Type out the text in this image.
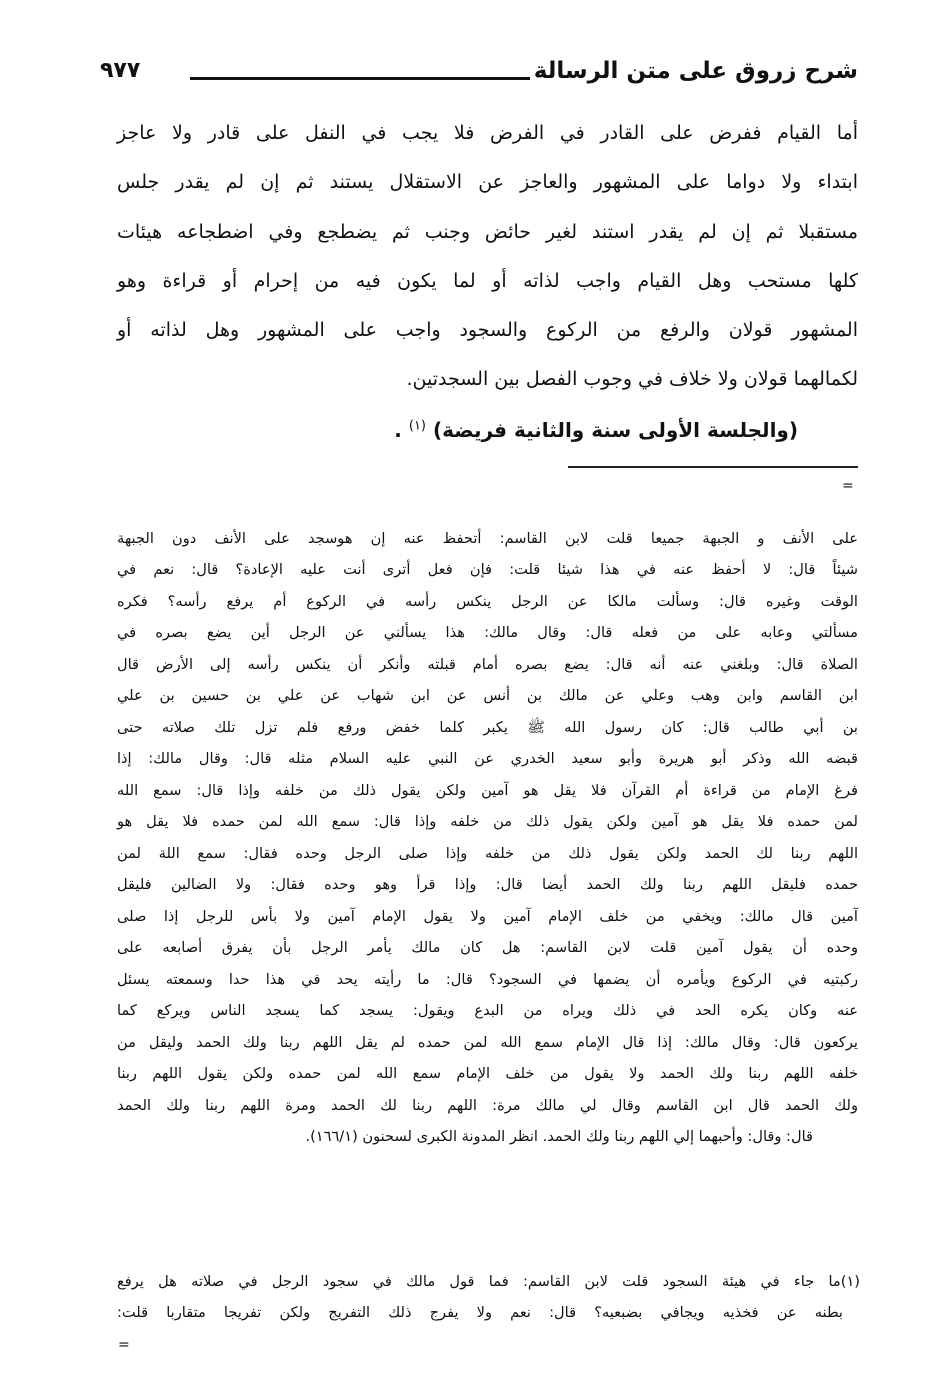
شرح زروق على متن الرسالة
٩٧٧
أما القيام ففرض على القادر في الفرض فلا يجب في النفل على قادر ولا عاجز
ابتداء ولا دواما على المشهور والعاجز عن الاستقلال يستند ثم إن لم يقدر جلس
مستقبلا ثم إن لم يقدر استند لغير حائض وجنب ثم يضطجع وفي اضطجاعه هيئات
كلها مستحب وهل القيام واجب لذاته أو لما يكون فيه من إحرام أو قراءة وهو
المشهور قولان والرفع من الركوع والسجود واجب على المشهور وهل لذاته أو
لكمالهما قولان ولا خلاف في وجوب الفصل بين السجدتين.
(والجلسة الأولى سنة والثانية فريضة) $^{(١)}$ .
=
على الأنف و الجبهة جميعا قلت لابن القاسم: أتحفظ عنه إن هوسجد على الأنف دون الجبهة
شيئاً قال: لا أحفظ عنه في هذا شيئا قلت: فإن فعل أترى أنت عليه الإعادة؟ قال: نعم في
الوقت وغيره قال: وسألت مالكا عن الرجل ينكس رأسه في الركوع أم يرفع رأسه؟ فكره
مسألتي وعابه على من فعله قال: وقال مالك: هذا يسألني عن الرجل أين يضع بصره في
الصلاة قال: وبلغني عنه أنه قال: يضع بصره أمام قبلته وأنكر أن ينكس رأسه إلى الأرض قال
ابن القاسم وابن وهب وعلي عن مالك بن أنس عن ابن شهاب عن علي بن حسين بن علي
بن أبي طالب قال: كان رسول الله ﷺ يكبر كلما خفض ورفع فلم تزل تلك صلاته حتى
قبضه الله وذكر أبو هريرة وأبو سعيد الخدري عن النبي عليه السلام مثله قال: وقال مالك: إذا
فرغ الإمام من قراءة أم القرآن فلا يقل هو آمين ولكن يقول ذلك من خلفه وإذا قال: سمع الله
لمن حمده فلا يقل هو آمين ولكن يقول ذلك من خلفه وإذا قال: سمع الله لمن حمده فلا يقل هو
اللهم ربنا لك الحمد ولكن يقول ذلك من خلفه وإذا صلى الرجل وحده فقال: سمع اللة لمن
حمده فليقل اللهم ربنا ولك الحمد أيضا قال: وإذا قرأ وهو وحده فقال: ولا الضالين فليقل
آمين قال مالك: ويخفي من خلف الإمام آمين ولا يقول الإمام آمين ولا بأس للرجل إذا صلى
وحده أن يقول آمين قلت لابن القاسم: هل كان مالك يأمر الرجل بأن يفرق أصابعه على
ركبتيه في الركوع ويأمره أن يضمها في السجود؟ قال: ما رأيته يحد في هذا حدا وسمعته يسئل
عنه وكان يكره الحد في ذلك ويراه من البدع ويقول: يسجد كما يسجد الناس ويركع كما
يركعون قال: وقال مالك: إذا قال الإمام سمع الله لمن حمده لم يقل اللهم ربنا ولك الحمد وليقل من
خلفه اللهم ربنا ولك الحمد ولا يقول من خلف الإمام سمع الله لمن حمده ولكن يقول اللهم ربنا
ولك الحمد قال ابن القاسم وقال لي مالك مرة: اللهم ربنا لك الحمد ومرة اللهم ربنا ولك الحمد
قال: وقال: وأحبهما إلي اللهم ربنا ولك الحمد. انظر المدونة الكبرى لسحنون (١٦٦/١).
(١)ما جاء في هيئة السجود قلت لابن القاسم: فما قول مالك في سجود الرجل في صلاته هل يرفع
بطنه عن فخذيه ويجافي بضبعيه؟ قال: نعم ولا يفرج ذلك التفريج ولكن تفريجا متقاربا قلت:
=
